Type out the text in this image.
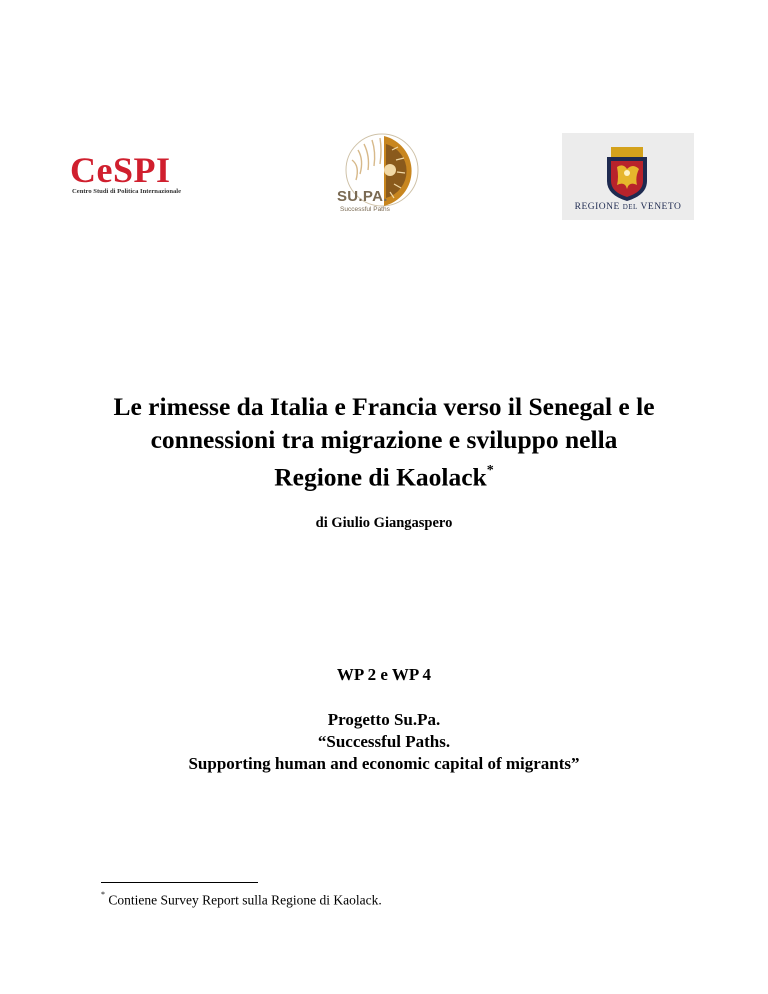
CeSPI
Centro Studi di Politica Internazionale	SU.PA.
Successful Paths	REGIONE DEL VENETO
Le rimesse da Italia e Francia verso il Senegal e le
connessioni tra migrazione e sviluppo nella
Regione di Kaolack*
di Giulio Giangaspero
WP 2 e WP 4
Progetto Su.Pa.
“Successful Paths.
Supporting human and economic capital of migrants”
* Contiene Survey Report sulla Regione di Kaolack.
